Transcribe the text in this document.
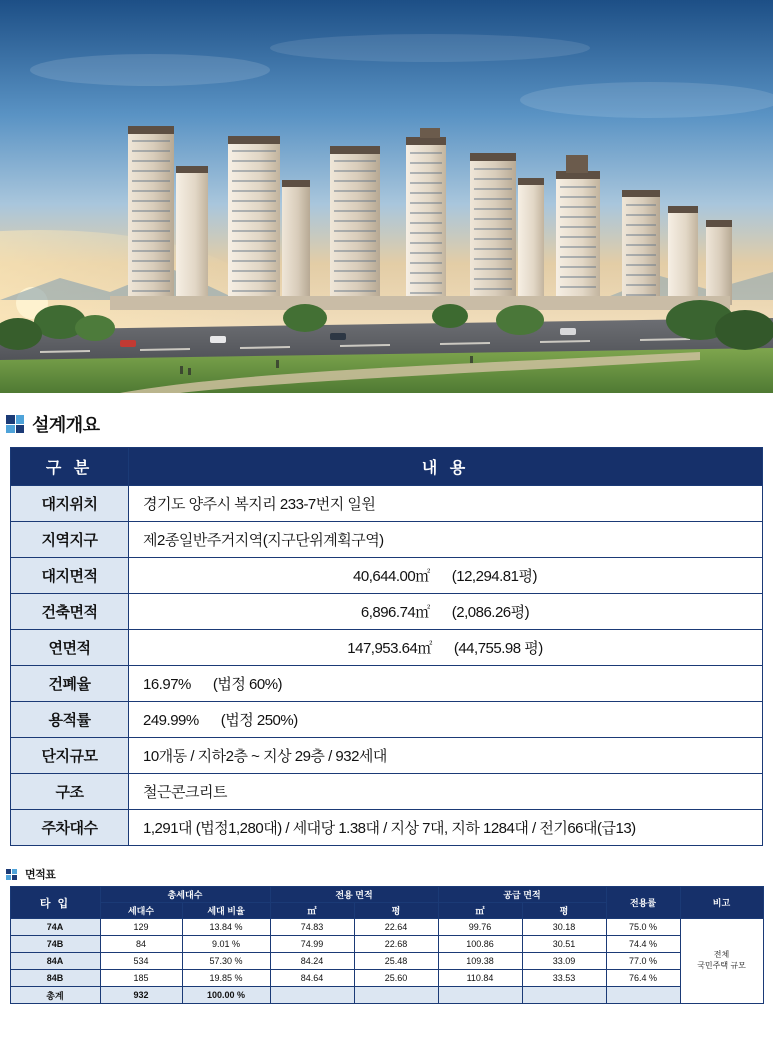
설계개요
구 분	내 용
대지위치	경기도 양주시 복지리 233-7번지 일원
지역지구	제2종일반주거지역(지구단위계획구역)
대지면적	40,644.00㎡ (12,294.81평)
건축면적	6,896.74㎡ (2,086.26평)
연면적	147,953.64㎡ (44,755.98 평)
건폐율	16.97% (법정 60%)
용적률	249.99% (법정 250%)
단지규모	10개동 / 지하2층 ~ 지상 29층 / 932세대
구조	철근콘크리트
주차대수	1,291대 (법정1,280대) / 세대당 1.38대 / 지상 7대, 지하 1284대 / 전기66대(급13)
면적표
타 입	총세대수		전용 면적		공급 면적		전용률	비고
	세대수	세대 비율	㎡	평	㎡	평		
74A	129	13.84 %	74.83	22.64	99.76	30.18	75.0 %	전체
국민주택 규모

74B	84	9.01 %	74.99	22.68	100.86	30.51	74.4 %	
84A	534	57.30 %	84.24	25.48	109.38	33.09	77.0 %	
84B	185	19.85 %	84.64	25.60	110.84	33.53	76.4 %	
총계	932	100.00 %						
